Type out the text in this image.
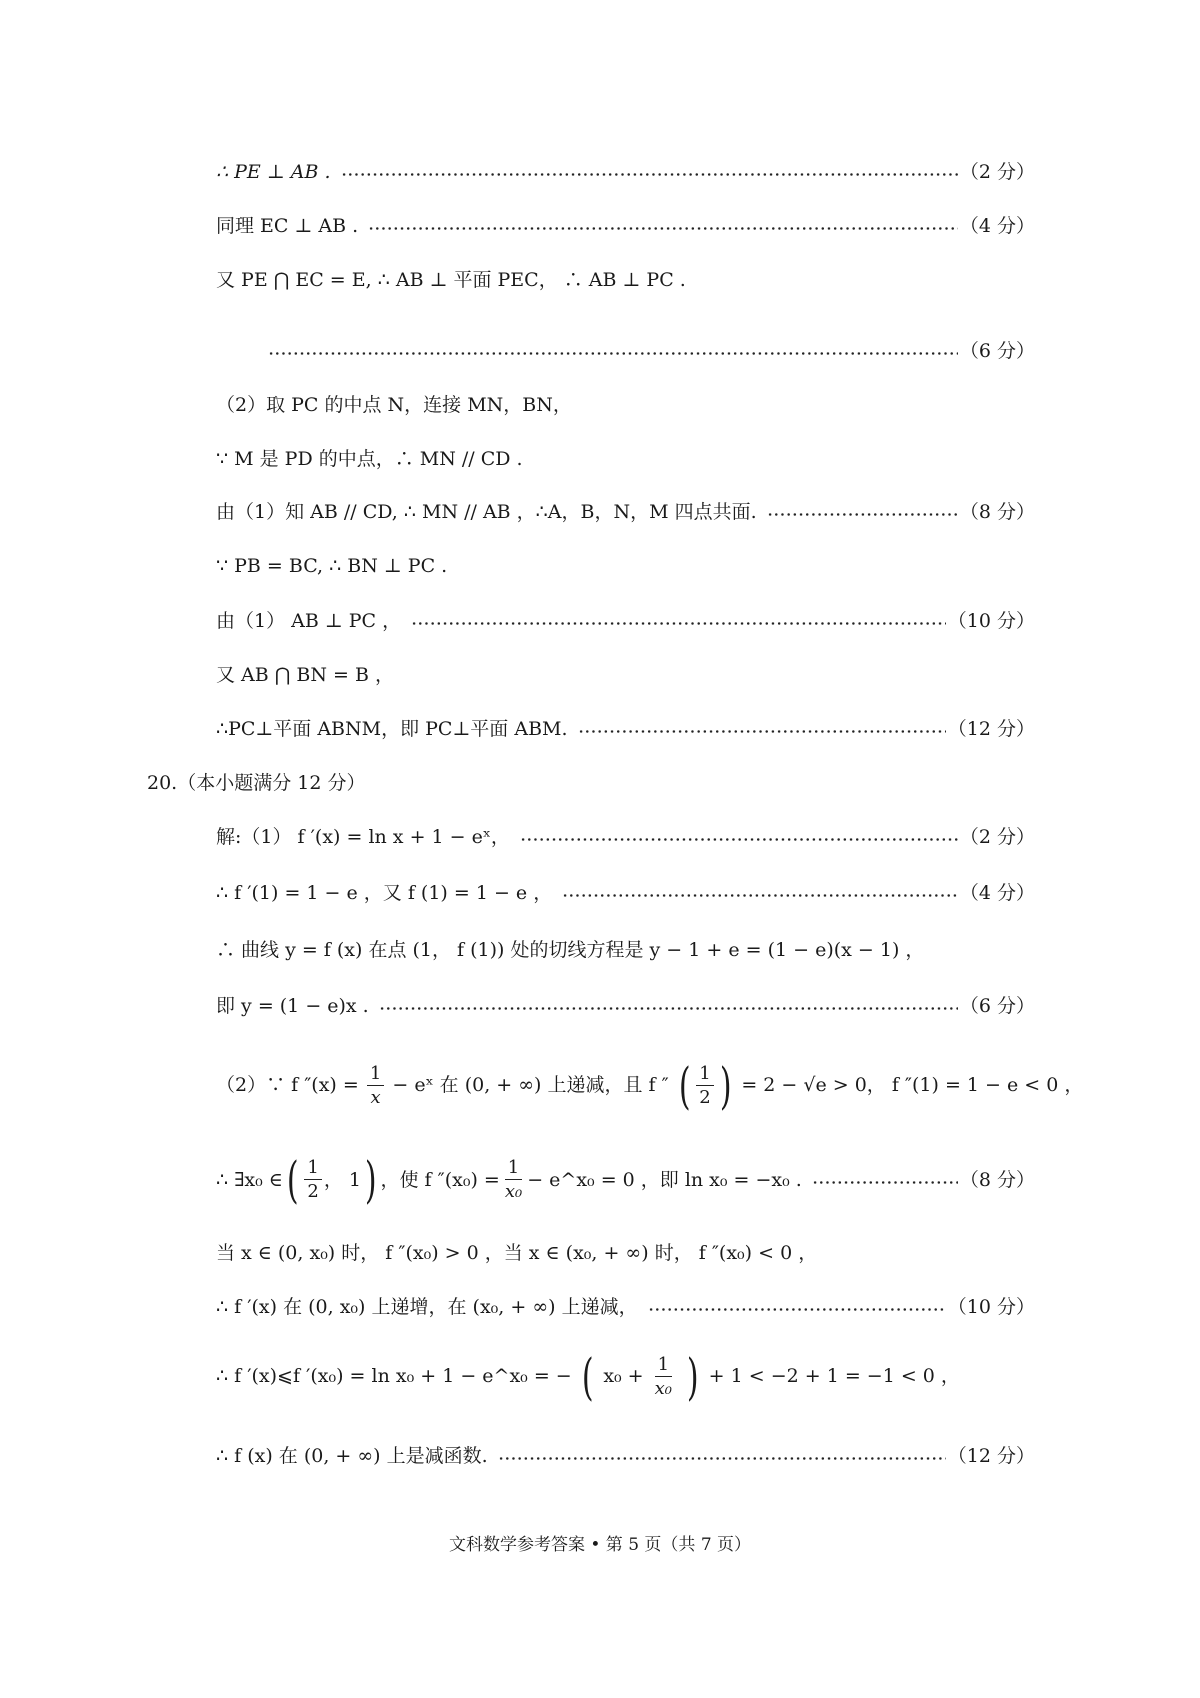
∴ PE ⊥ AB .	（2 分）
同理 EC ⊥ AB .	（4 分）
又 PE ⋂ EC = E, ∴ AB ⊥ 平面 PEC， ∴ AB ⊥ PC .
（6 分）
（2）取 PC 的中点 N，连接 MN，BN，
∵ M 是 PD 的中点，∴ MN // CD .
由（1）知 AB // CD, ∴ MN // AB ，∴A，B，N，M 四点共面.	（8 分）
∵ PB = BC, ∴ BN ⊥ PC .
由（1） AB ⊥ PC ，	（10 分）
又 AB ⋂ BN = B ，
∴PC⊥平面 ABNM，即 PC⊥平面 ABM.	（12 分）
20.（本小题满分 12 分）
解:（1） f ′(x) = ln x + 1 − eˣ，	（2 分）
∴ f ′(1) = 1 − e ，又 f (1) = 1 − e ，	（4 分）
∴ 曲线 y = f (x) 在点 (1， f (1)) 处的切线方程是 y − 1 + e = (1 − e)(x − 1) ，
即 y = (1 − e)x .	（6 分）
（2）∵ f $''(x) = \frac{1}{x}$ − eˣ 在 (0, + ∞) 上递减，且 f ″ ( $\frac{1}{2}$ ) = 2 − √e > 0， f ″(1) = 1 − e < 0 ，
∴ ∃x₀ ∈ ( $\frac{1}{2}$ ， 1 ) ，使 f $''(x_0) = \frac{1}{\text{x₀}}$ − e^x₀ = 0 ，即 ln x₀ = −x₀ .	（8 分）
当 x ∈ (0, x₀) 时， f ″(x₀) > 0 ，当 x ∈ (x₀, + ∞) 时， f ″(x₀) < 0 ，
∴ f ′(x) 在 (0, x₀) 上递增，在 (x₀, + ∞) 上递减，	（10 分）
∴ f ′(x)⩽f ′(x₀) = ln x₀ + 1 − e^x₀ = − ( $x_0 + \frac{1}{\text{x₀}}$ ) + 1 < −2 + 1 = −1 < 0 ，
∴ f (x) 在 (0, + ∞) 上是减函数.	（12 分）
文科数学参考答案 • 第 5 页（共 7 页）
